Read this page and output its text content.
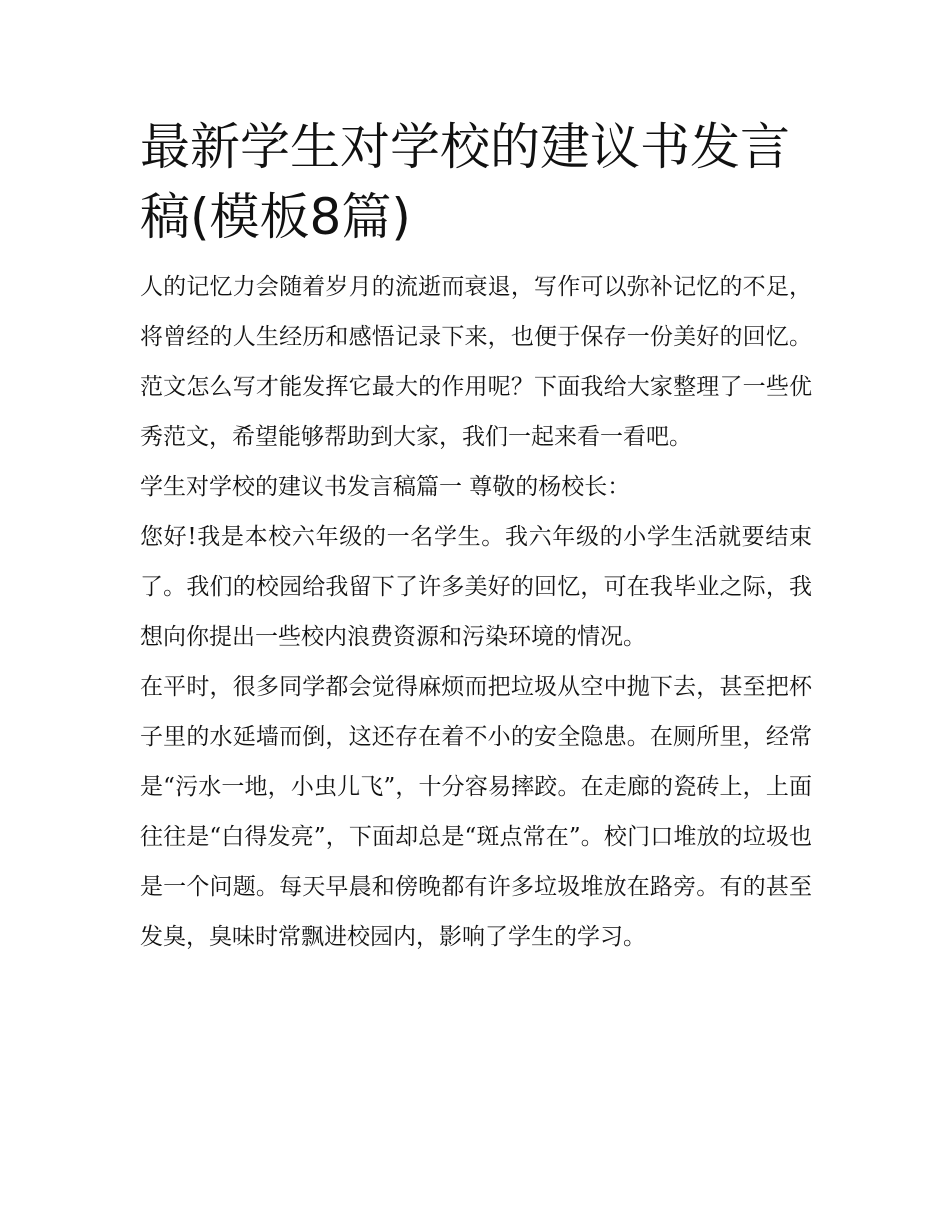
最新学生对学校的建议书发言稿(模板8篇)

人的记忆力会随着岁月的流逝而衰退，写作可以弥补记忆的不足，将曾经的人生经历和感悟记录下来，也便于保存一份美好的回忆。范文怎么写才能发挥它最大的作用呢？下面我给大家整理了一些优秀范文，希望能够帮助到大家，我们一起来看一看吧。

学生对学校的建议书发言稿篇一 尊敬的杨校长：

您好!我是本校六年级的一名学生。我六年级的小学生活就要结束了。我们的校园给我留下了许多美好的回忆，可在我毕业之际，我想向你提出一些校内浪费资源和污染环境的情况。

在平时，很多同学都会觉得麻烦而把垃圾从空中抛下去，甚至把杯子里的水延墙而倒，这还存在着不小的安全隐患。在厕所里，经常是“污水一地，小虫儿飞”，十分容易摔跤。在走廊的瓷砖上，上面往往是“白得发亮”，下面却总是“斑点常在”。校门口堆放的垃圾也是一个问题。每天早晨和傍晚都有许多垃圾堆放在路旁。有的甚至发臭，臭味时常飘进校园内，影响了学生的学习。
